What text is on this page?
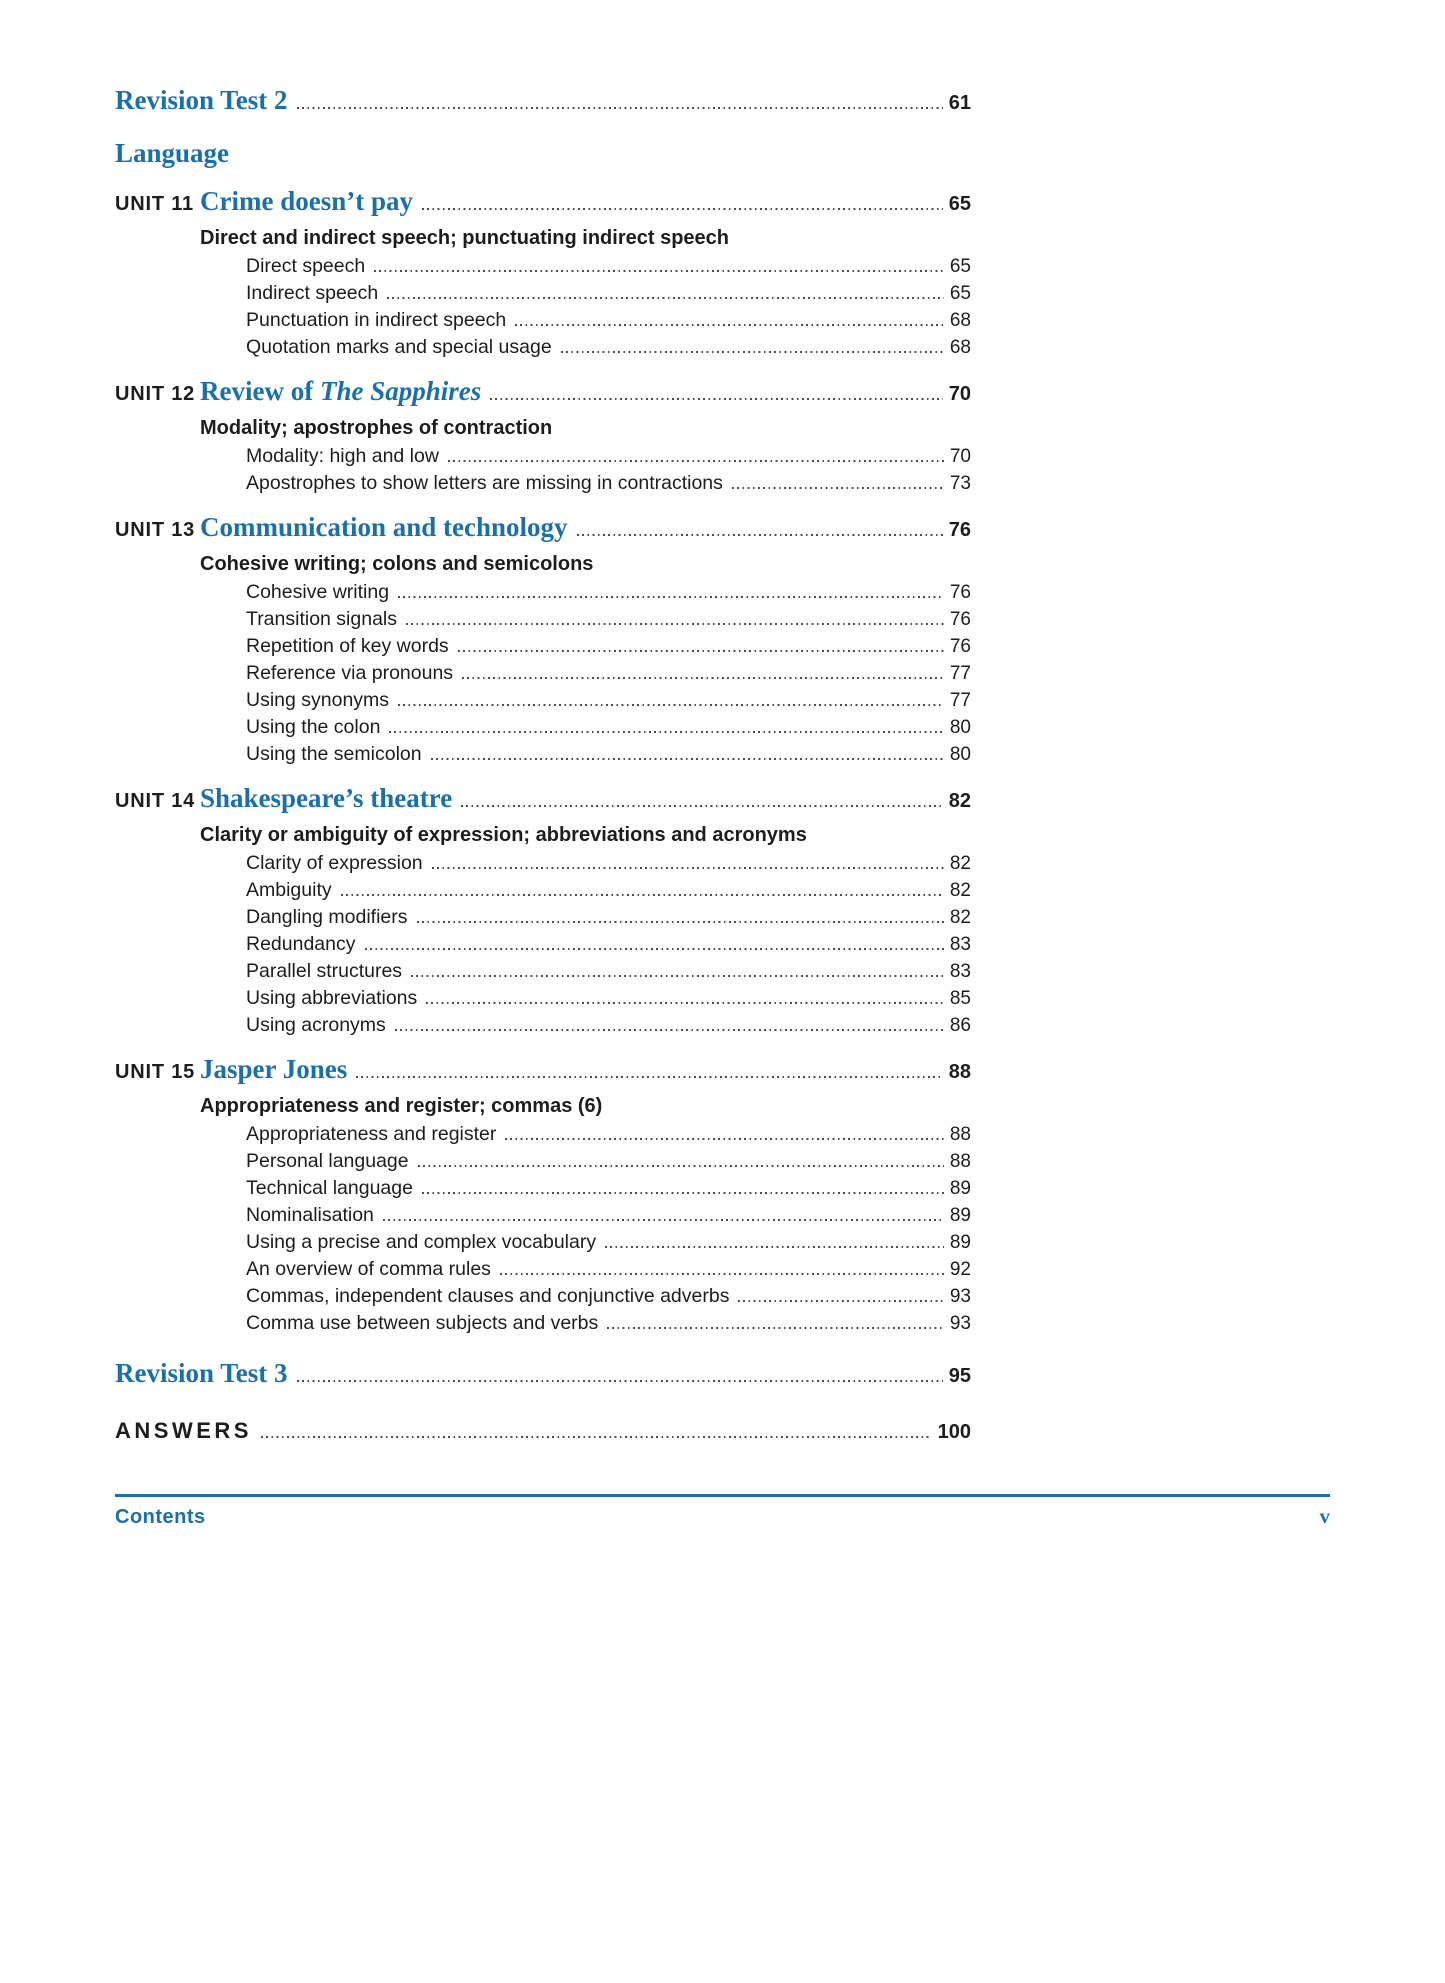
Revision Test 2	61
Language
UNIT 11 Crime doesn’t pay	65
Direct and indirect speech; punctuating indirect speech
Direct speech	65
Indirect speech	65
Punctuation in indirect speech	68
Quotation marks and special usage	68
UNIT 12 Review of The Sapphires	70
Modality; apostrophes of contraction
Modality: high and low	70
Apostrophes to show letters are missing in contractions	73
UNIT 13 Communication and technology	76
Cohesive writing; colons and semicolons
Cohesive writing	76
Transition signals	76
Repetition of key words	76
Reference via pronouns	77
Using synonyms	77
Using the colon	80
Using the semicolon	80
UNIT 14 Shakespeare’s theatre	82
Clarity or ambiguity of expression; abbreviations and acronyms
Clarity of expression	82
Ambiguity	82
Dangling modifiers	82
Redundancy	83
Parallel structures	83
Using abbreviations	85
Using acronyms	86
UNIT 15 Jasper Jones	88
Appropriateness and register; commas (6)
Appropriateness and register	88
Personal language	88
Technical language	89
Nominalisation	89
Using a precise and complex vocabulary	89
An overview of comma rules	92
Commas, independent clauses and conjunctive adverbs	93
Comma use between subjects and verbs	93
Revision Test 3	95
ANSWERS	100
Contents	v
